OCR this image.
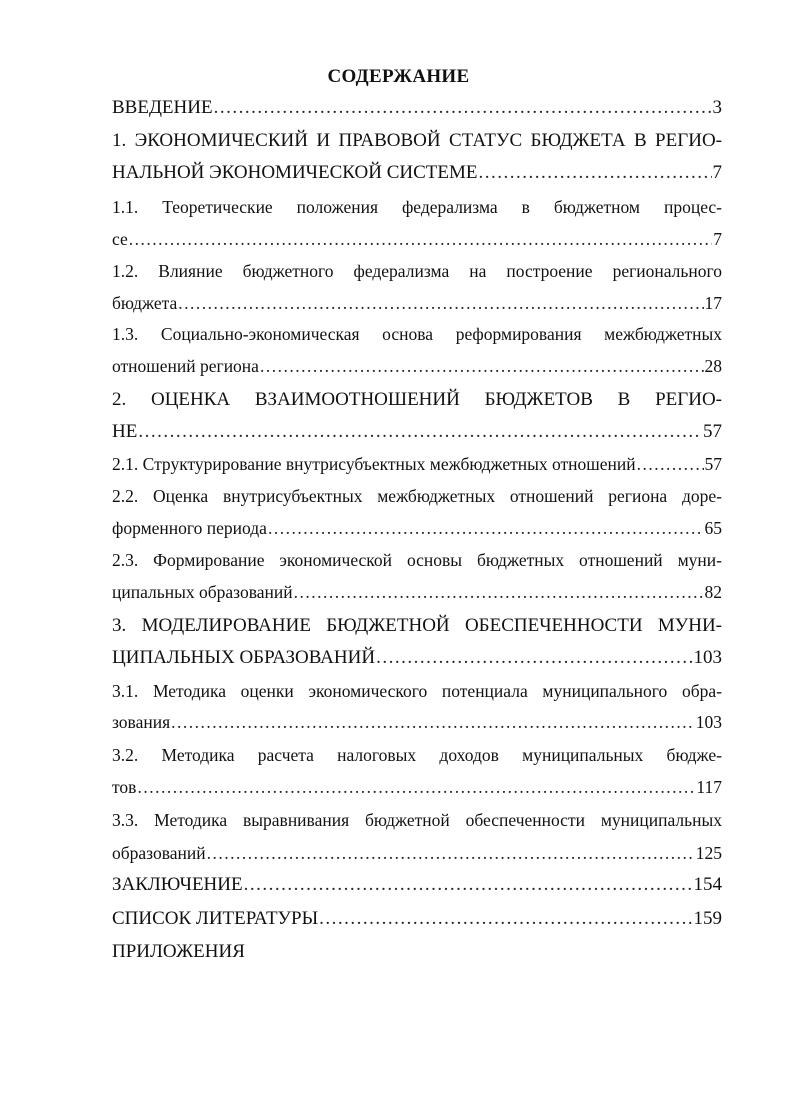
СОДЕРЖАНИЕ
ВВЕДЕНИЕ .....	3
1. ЭКОНОМИЧЕСКИЙ И ПРАВОВОЙ СТАТУС БЮДЖЕТА В РЕГИО-
НАЛЬНОЙ ЭКОНОМИЧЕСКОЙ СИСТЕМЕ .....	7
1.1. Теоретические положения федерализма в бюджетном процес-
се .....	7
1.2. Влияние бюджетного федерализма на построение регионального
бюджета .....	17
1.3. Социально-экономическая основа реформирования межбюджетных
отношений региона .....	28
2. ОЦЕНКА ВЗАИМООТНОШЕНИЙ БЮДЖЕТОВ В РЕГИО-
НЕ .....	57
2.1. Структурирование внутрисубъектных межбюджетных отношений .....	57
2.2. Оценка внутрисубъектных межбюджетных отношений региона доре-
форменного периода .....	65
2.3. Формирование экономической основы бюджетных отношений муни-
ципальных образований .....	82
3. МОДЕЛИРОВАНИЕ БЮДЖЕТНОЙ ОБЕСПЕЧЕННОСТИ МУНИ-
ЦИПАЛЬНЫХ ОБРАЗОВАНИЙ .....	103
3.1. Методика оценки экономического потенциала муниципального обра-
зования .....	103
3.2. Методика расчета налоговых доходов муниципальных бюдже-
тов .....	117
3.3. Методика выравнивания бюджетной обеспеченности муниципальных
образований .....	125
ЗАКЛЮЧЕНИЕ .....	154
СПИСОК ЛИТЕРАТУРЫ .....	159
ПРИЛОЖЕНИЯ
